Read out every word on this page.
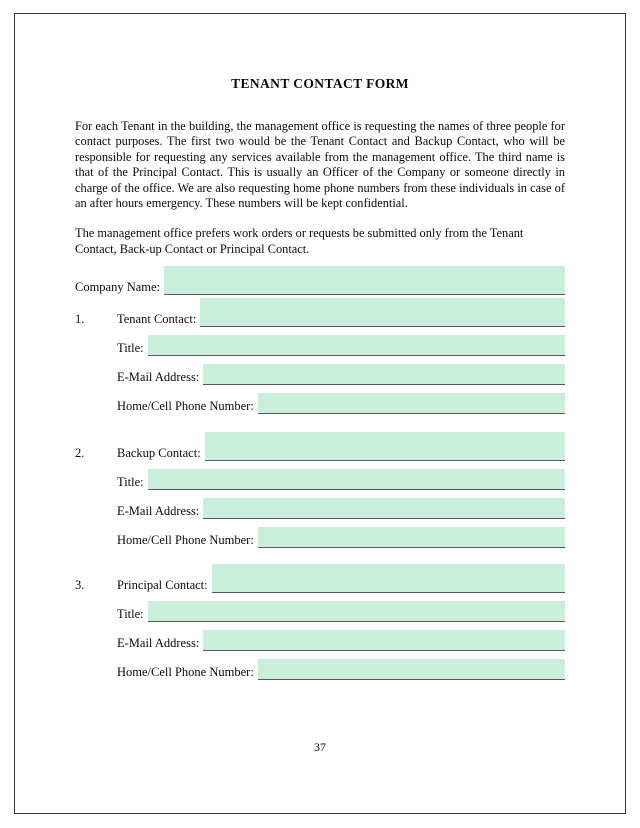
TENANT CONTACT FORM

For each Tenant in the building, the management office is requesting the names of three people for contact purposes. The first two would be the Tenant Contact and Backup Contact, who will be responsible for requesting any services available from the management office. The third name is that of the Principal Contact. This is usually an Officer of the Company or someone directly in charge of the office. We are also requesting home phone numbers from these individuals in case of an after hours emergency. These numbers will be kept confidential.

The management office prefers work orders or requests be submitted only from the Tenant Contact, Back-up Contact or Principal Contact.

Company Name:
1.	Tenant Contact:
Title:
E-Mail Address:
Home/Cell Phone Number:
2.	Backup Contact:
Title:
E-Mail Address:
Home/Cell Phone Number:
3.	Principal Contact:
Title:
E-Mail Address:
Home/Cell Phone Number:
37
